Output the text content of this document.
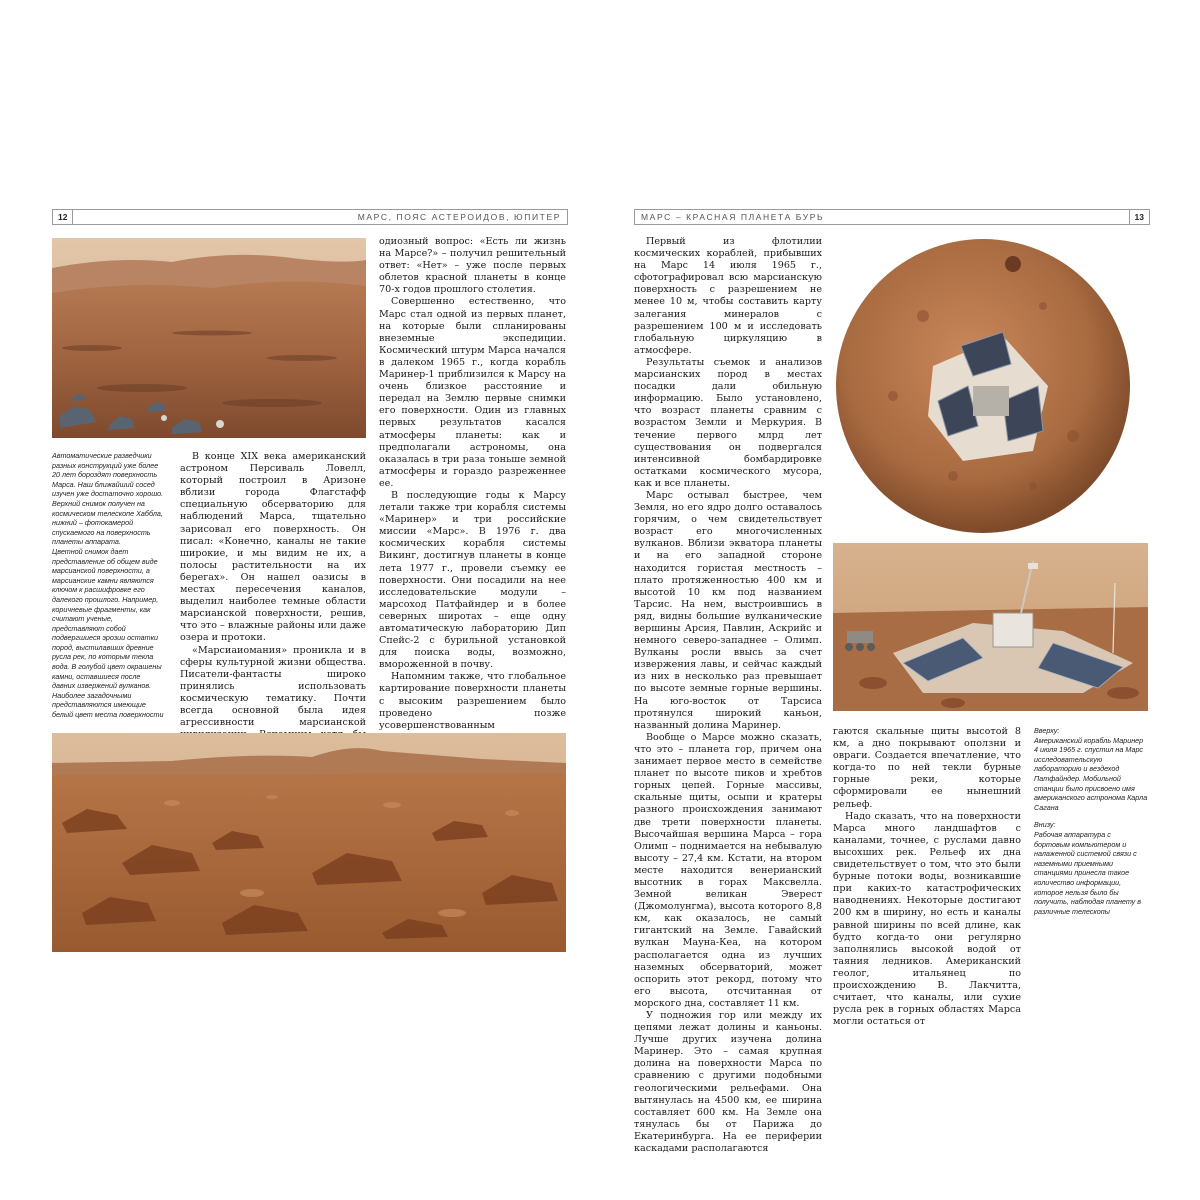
12	МАРС, ПОЯС АСТЕРОИДОВ, ЮПИТЕР

Автоматические разведчики разных конструкций уже более 20 лет бороздят поверхность Марса. Наш ближайший сосед изучен уже достаточно хорошо. Верхний снимок получен на космическом телескопе Хаббла, нижний – фотокамерой спускаемого на поверхность планеты аппарата.

Цветной снимок дает представление об общем виде марсианской поверхности, а марсианские камни являются ключом к расшифровке его далекого прошлого. Например, коричневые фрагменты, как считают ученые, представляют собой подвергшиеся эрозии остатки пород, выстилавших древние русла рек, по которым текла вода. В голубой цвет окрашены камни, оставшиеся после давних извержений вулканов. Наиболее загадочными представляются имеющие белый цвет места поверхности

В конце XIX века американский астроном Персиваль Ловелл, который построил в Аризоне вблизи города Флагстафф специальную обсерваторию для наблюдений Марса, тщательно зарисовал его поверхность. Он писал: «Конечно, каналы не такие широкие, и мы видим не их, а полосы растительности на их берегах». Он нашел оазисы в местах пересечения каналов, выделил наиболее темные области марсианской поверхности, решив, что это – влажные районы или даже озера и протоки.

«Марсиаиомания» проникла и в сферы культурной жизни общества. Писатели-фантасты широко принялись использовать космическую тематику. Почти всегда основной была идея агрессивности марсианской

одиозный вопрос: «Есть ли жизнь на Марсе?» – получил решительный ответ: «Нет» – уже после первых облетов красной планеты в конце 70-х годов прошлого столетия.

Совершенно естественно, что Марс стал одной из первых планет, на которые были спланированы внеземные экспедиции. Космический штурм Марса начался в далеком 1965 г., когда корабль Маринер-1 приблизился к Марсу на очень близкое расстояние и передал на Землю первые снимки его поверхности. Один из главных первых результатов касался атмосферы планеты: как и предполагали астрономы, она оказалась в три раза тоньше земной атмосферы и гораздо разреженнее ее.

В последующие годы к Марсу летали также три корабля системы «Маринер» и три российские миссии «Марс». В 1976 г. два космических корабля системы Викинг, достигнув планеты в конце лета 1977 г., провели съемку ее поверхности. Они посадили на нее исследовательские модули – марсоход Патфайндер и в более северных широтах – еще одну автоматическую лабораторию Дип Спейс-2 с бурильной установкой для поиска воды, возможно, вмороженной в почву.

Напомним также, что глобальное картирование поверхности планеты с высоким разрешением было проведено позже усовершенствованным

МАРС – КРАСНАЯ ПЛАНЕТА БУРЬ	13

Первый из флотилии космических кораблей, прибывших на Марс 14 июля 1965 г., сфотографировал всю марсианскую поверхность с разрешением не менее 10 м, чтобы составить карту залегания минералов с разрешением 100 м и исследовать глобальную циркуляцию в атмосфере.

Результаты съемок и анализов марсианских пород в местах посадки дали обильную информацию. Было установлено, что возраст планеты сравним с возрастом Земли и Меркурия. В течение первого млрд лет существования он подвергался интенсивной бомбардировке остатками космического мусора, как и все планеты.

Марс остывал быстрее, чем Земля, но его ядро долго оставалось горячим, о чем свидетельствует возраст его многочисленных вулканов. Вблизи экватора планеты и на его западной стороне находится гористая местность – плато протяженностью 400 км и высотой 10 км под названием Тарсис. На нем, выстроившись в ряд, видны большие вулканические вершины Арсия, Павлин, Аскрийс и немного северо-западнее – Олимп. Вулканы росли ввысь за счет извержения лавы, и сейчас каждый из них в несколько раз превышает по высоте земные горные вершины. На юго-восток от Тарсиса протянулся широкий каньон, названный долина Маринер.

Вообще о Марсе можно сказать, что это – планета гор, причем она занимает первое место в семействе планет по высоте пиков и хребтов горных цепей. Горные массивы, скальные щиты, осыпи и кратеры разного происхождения занимают две трети поверхности планеты. Высочайшая вершина Марса – гора Олимп – поднимается на небывалую высоту – 27,4 км. Кстати, на втором месте находится венерианский высотник в горах Максвелла. Земной великан Эверест (Джомолунгма), высота которого 8,8 км, как оказалось, не самый гигантский на Земле. Гавайский вулкан Мауна-Кеа, на котором располагается одна из лучших наземных обсерваторий, может оспорить этот рекорд, потому что его высота, отсчитанная от морского дна, составляет 11 км.

У подножия гор или между их цепями лежат долины и каньоны. Лучше других изучена долина Маринер. Это – самая крупная долина на поверхности Марса по сравнению с другими подобными геологическими рельефами. Она вытянулась на 4500 км, ее ширина составляет 600 км. На Земле она тянулась бы от Парижа до Екатеринбурга. На ее периферии каскадами располагаются

гаются скальные щиты высотой 8 км, а дно покрывают оползни и овраги. Создается впечатление, что когда-то по ней текли бурные горные реки, которые сформировали ее нынешний рельеф.

Надо сказать, что на поверхности Марса много ландшафтов с каналами, точнее, с руслами давно высохших рек. Рельеф их дна свидетельствует о том, что это были бурные потоки воды, возникавшие при каких-то катастрофических наводнениях. Некоторые достигают 200 км в ширину, но есть и каналы равной ширины по всей длине, как будто когда-то они регулярно заполнялись высокой водой от таяния ледников. Американский геолог, итальянец по происхождению В. Лакчитта, считает, что каналы, или сухие русла рек в горных областях Марса могли остаться от

Вверху:

Американский корабль Маринер 4 июля 1965 г. спустил на Марс исследовательскую лабораторию и вездеход Патфайндер. Мобильной станции было присвоено имя американского астронома Карла Сагана

Внизу:

Рабочая аппаратура с бортовым компьютером и налаженной системой связи с наземными приемными станциями принесла такое количество информации, которое нельзя было бы получить, наблюдая планету в различные телескопы
